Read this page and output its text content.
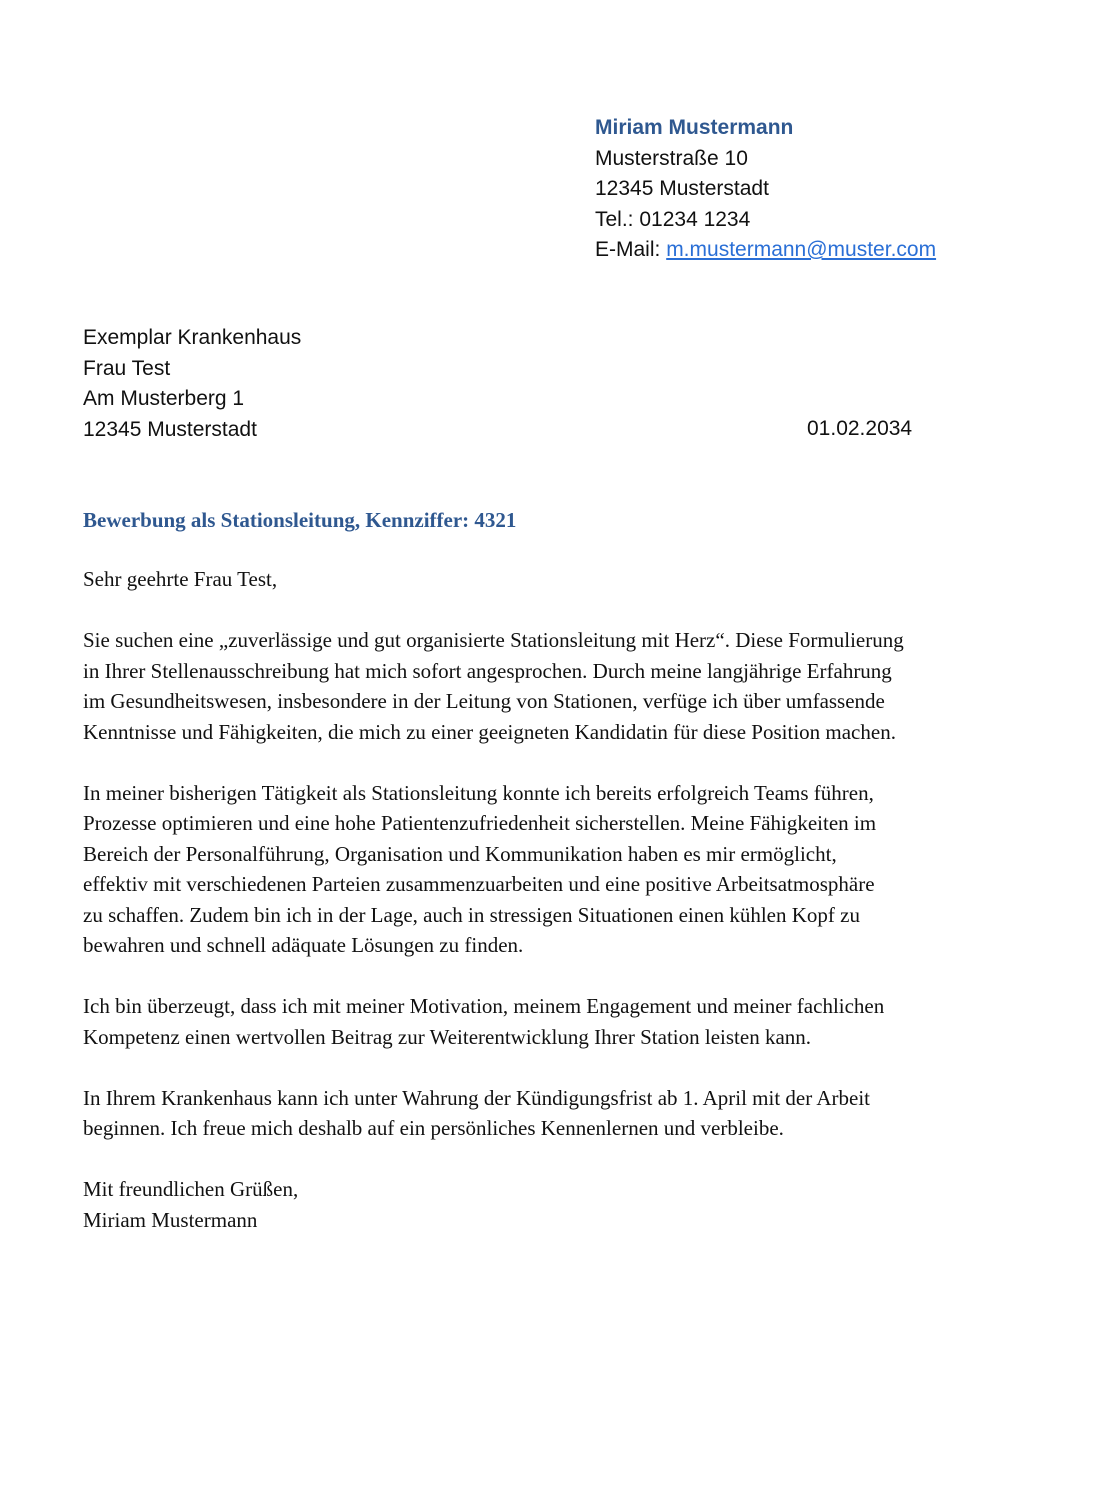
Miriam Mustermann
Musterstraße 10
12345 Musterstadt
Tel.: 01234 1234
E-Mail: m.mustermann@muster.com
Exemplar Krankenhaus
Frau Test
Am Musterberg 1
12345 Musterstadt	01.02.2034
Bewerbung als Stationsleitung, Kennziffer: 4321

Sehr geehrte Frau Test,

Sie suchen eine „zuverlässige und gut organisierte Stationsleitung mit Herz“. Diese Formulierung
in Ihrer Stellenausschreibung hat mich sofort angesprochen. Durch meine langjährige Erfahrung
im Gesundheitswesen, insbesondere in der Leitung von Stationen, verfüge ich über umfassende
Kenntnisse und Fähigkeiten, die mich zu einer geeigneten Kandidatin für diese Position machen.

In meiner bisherigen Tätigkeit als Stationsleitung konnte ich bereits erfolgreich Teams führen,
Prozesse optimieren und eine hohe Patientenzufriedenheit sicherstellen. Meine Fähigkeiten im
Bereich der Personalführung, Organisation und Kommunikation haben es mir ermöglicht,
effektiv mit verschiedenen Parteien zusammenzuarbeiten und eine positive Arbeitsatmosphäre
zu schaffen. Zudem bin ich in der Lage, auch in stressigen Situationen einen kühlen Kopf zu
bewahren und schnell adäquate Lösungen zu finden.

Ich bin überzeugt, dass ich mit meiner Motivation, meinem Engagement und meiner fachlichen
Kompetenz einen wertvollen Beitrag zur Weiterentwicklung Ihrer Station leisten kann.

In Ihrem Krankenhaus kann ich unter Wahrung der Kündigungsfrist ab 1. April mit der Arbeit
beginnen. Ich freue mich deshalb auf ein persönliches Kennenlernen und verbleibe.

Mit freundlichen Grüßen,
Miriam Mustermann
